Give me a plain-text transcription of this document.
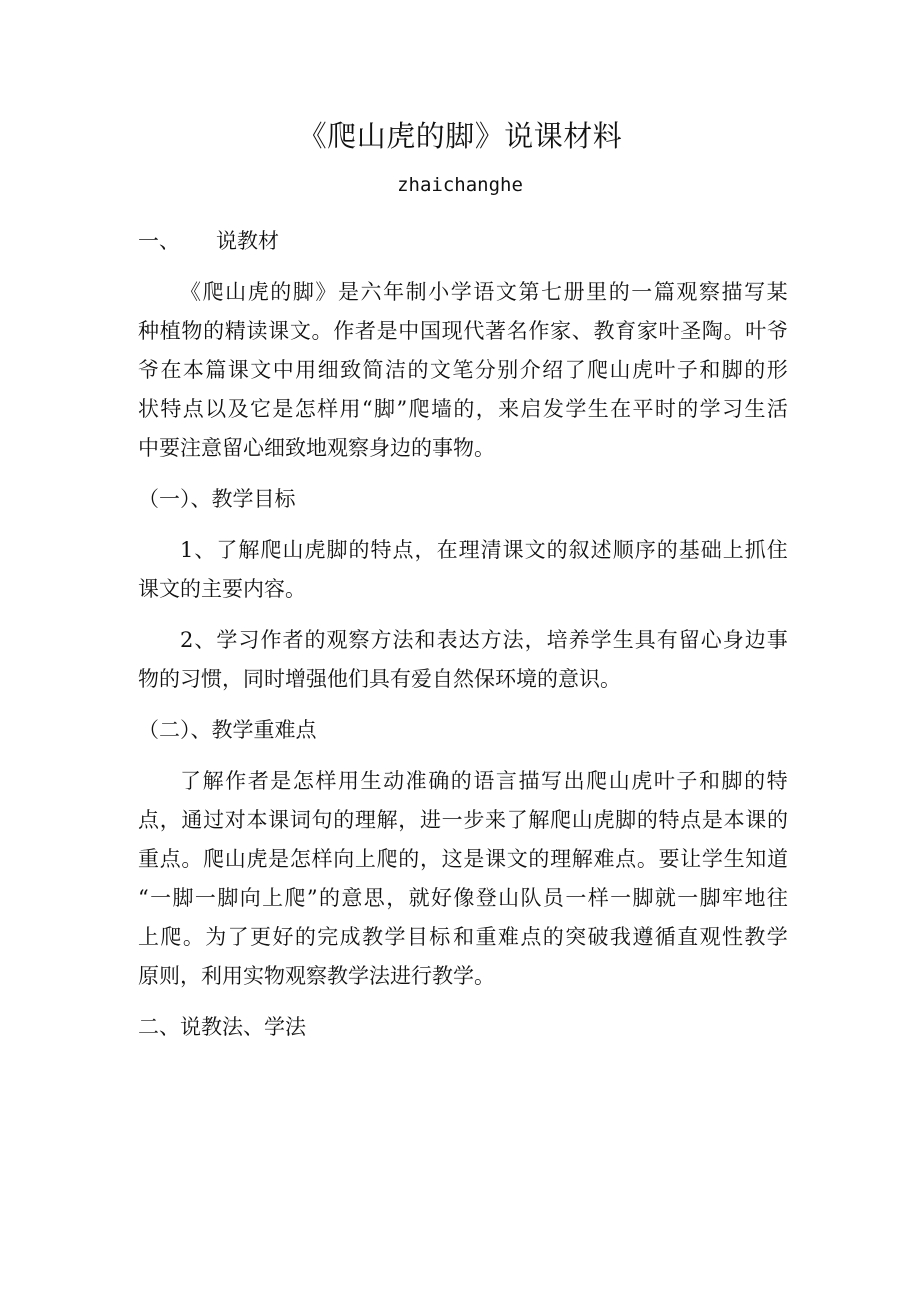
《爬山虎的脚》说课材料
zhaichanghe
一、	说教材
《 爬 山 虎 的 脚 》 是 六 年 制 小 学 语 文 第 七 册 里 的 一 篇 观 察 描 写 某
种 植 物 的 精 读 课 文 。 作 者 是 中 国 现 代 著 名 作 家 、 教 育 家 叶 圣 陶 。 叶 爷
爷 在 本 篇 课 文 中 用 细 致 简 洁 的 文 笔 分 别 介 绍 了 爬 山 虎 叶 子 和 脚 的 形
状 特 点 以 及 它 是 怎 样 用 “ 脚 ” 爬 墙 的 ， 来 启 发 学 生 在 平 时 的 学 习 生 活
中要注意留心细致地观察身边的事物。
（一）、教学目标
1 、 了 解 爬 山 虎 脚 的 特 点 ， 在 理 清 课 文 的 叙 述 顺 序 的 基 础 上 抓 住
课文的主要内容。
2 、 学 习 作 者 的 观 察 方 法 和 表 达 方 法 ， 培 养 学 生 具 有 留 心 身 边 事
物的习惯，同时增强他们具有爱自然保环境的意识。
（二）、教学重难点
了 解 作 者 是 怎 样 用 生 动 准 确 的 语 言 描 写 出 爬 山 虎 叶 子 和 脚 的 特
点 ， 通 过 对 本 课 词 句 的 理 解 ， 进 一 步 来 了 解 爬 山 虎 脚 的 特 点 是 本 课 的
重 点 。 爬 山 虎 是 怎 样 向 上 爬 的 ， 这 是 课 文 的 理 解 难 点 。 要 让 学 生 知 道
“ 一 脚 一 脚 向 上 爬 ” 的 意 思 ， 就 好 像 登 山 队 员 一 样 一 脚 就 一 脚 牢 地 往
上 爬 。 为 了 更 好 的 完 成 教 学 目 标 和 重 难 点 的 突 破 我 遵 循 直 观 性 教 学
原则，利用实物观察教学法进行教学。
二、说教法、学法
